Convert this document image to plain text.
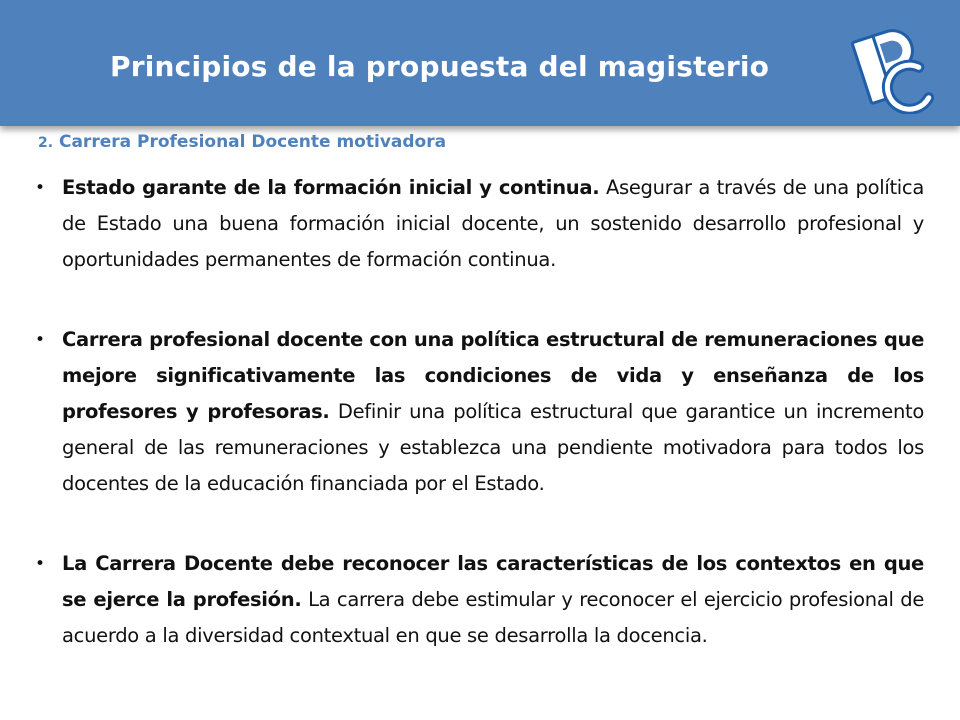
Principios de la propuesta del magisterio
2. Carrera Profesional Docente motivadora
• Estado garante de la formación inicial y continua. Asegurar a través de una política de Estado una buena formación inicial docente, un sostenido desarrollo profesional y oportunidades permanentes de formación continua.
• Carrera profesional docente con una política estructural de remuneraciones que mejore significativamente las condiciones de vida y enseñanza de los profesores y profesoras. Definir una política estructural que garantice un incremento general de las remuneraciones y establezca una pendiente motivadora para todos los docentes de la educación financiada por el Estado.
• La Carrera Docente debe reconocer las características de los contextos en que se ejerce la profesión. La carrera debe estimular y reconocer el ejercicio profesional de acuerdo a la diversidad contextual en que se desarrolla la docencia.
